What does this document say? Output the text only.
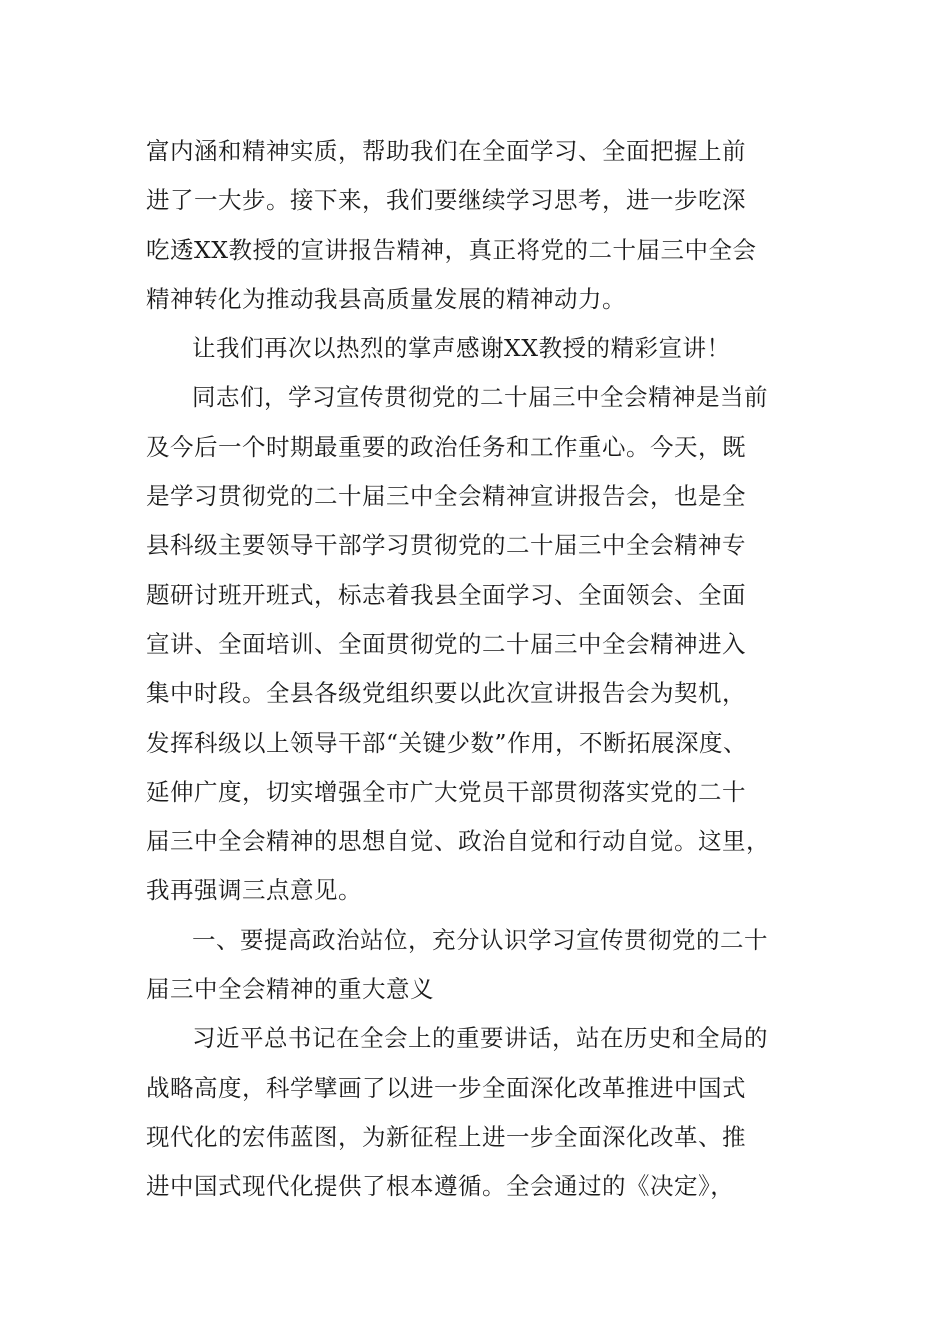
富内涵和精神实质，帮助我们在全面学习、全面把握上前
进了一大步。接下来，我们要继续学习思考，进一步吃深
吃透XX教授的宣讲报告精神，真正将党的二十届三中全会
精神转化为推动我县高质量发展的精神动力。
让我们再次以热烈的掌声感谢XX教授的精彩宣讲！
同志们，学习宣传贯彻党的二十届三中全会精神是当前
及今后一个时期最重要的政治任务和工作重心。今天，既
是学习贯彻党的二十届三中全会精神宣讲报告会，也是全
县科级主要领导干部学习贯彻党的二十届三中全会精神专
题研讨班开班式，标志着我县全面学习、全面领会、全面
宣讲、全面培训、全面贯彻党的二十届三中全会精神进入
集中时段。全县各级党组织要以此次宣讲报告会为契机，
发挥科级以上领导干部“关键少数”作用，不断拓展深度、
延伸广度，切实增强全市广大党员干部贯彻落实党的二十
届三中全会精神的思想自觉、政治自觉和行动自觉。这里，
我再强调三点意见。
一、要提高政治站位，充分认识学习宣传贯彻党的二十
届三中全会精神的重大意义
习近平总书记在全会上的重要讲话，站在历史和全局的
战略高度，科学擘画了以进一步全面深化改革推进中国式
现代化的宏伟蓝图，为新征程上进一步全面深化改革、推
进中国式现代化提供了根本遵循。全会通过的《决定》，
